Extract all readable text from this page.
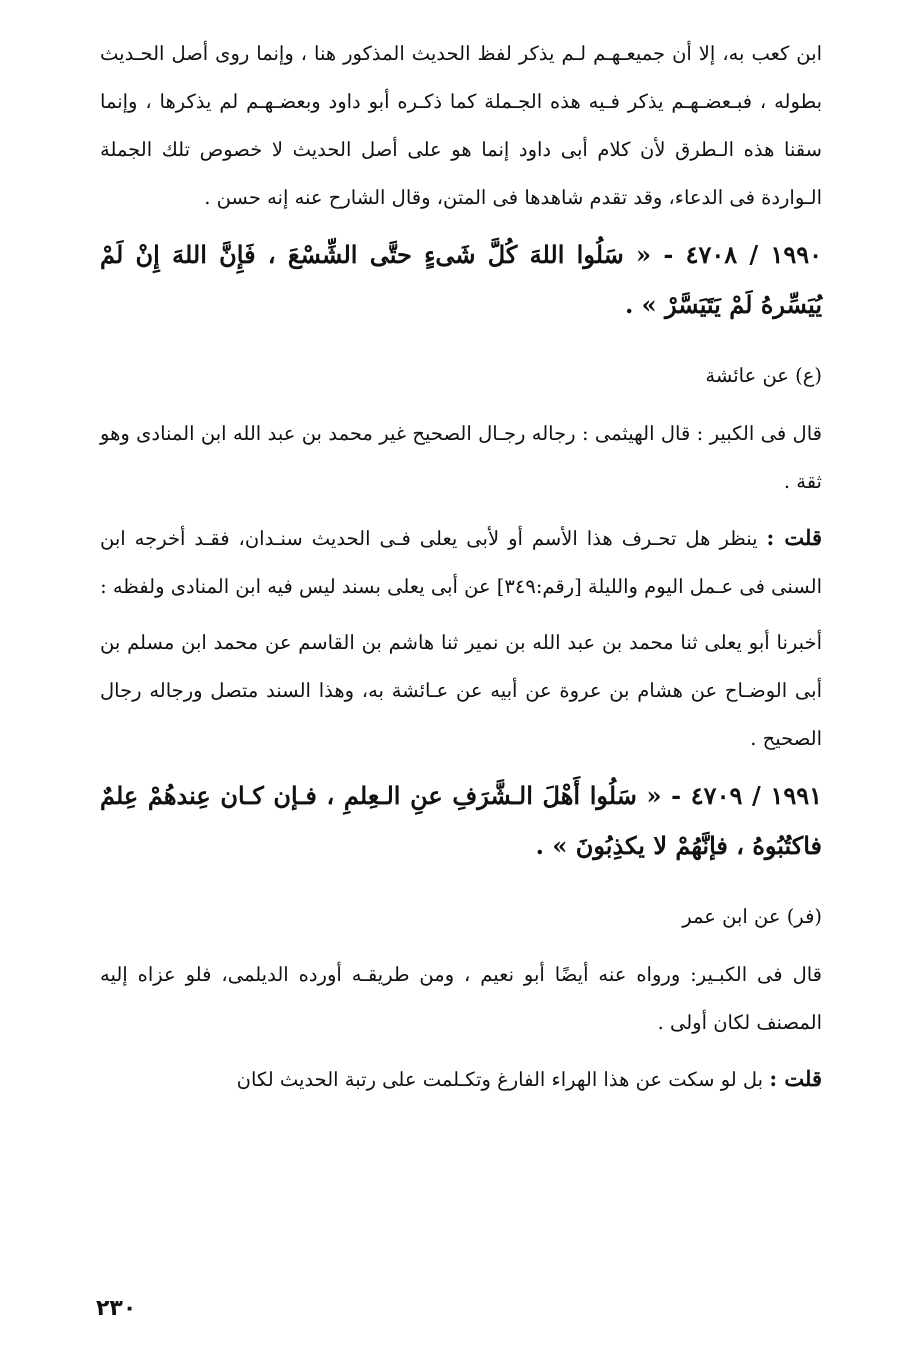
ابن كعب به، إلا أن جميعـهـم لـم يذكر لفظ الحديث المذكور هنا ، وإنما روى أصل الحـديث بطوله ، فبـعضـهـم يذكر فـيه هذه الجـملة كما ذكـره أبو داود وبعضـهـم لم يذكرها ، وإنما سقنا هذه الـطرق لأن كلام أبى داود إنما هو على أصل الحديث لا خصوص تلك الجملة الـواردة فى الدعاء، وقد تقدم شاهدها فى المتن، وقال الشارح عنه إنه حسن .

١٩٩٠ / ٤٧٠٨ - « سَلُوا اللهَ كُلَّ شَىءٍ حتَّى الشِّسْعَ ، فَإِنَّ اللهَ إِنْ لَمْ يُيَسِّرهُ لَمْ يَتَيَسَّرْ » .

(ع) عن عائشة

قال فى الكبير : قال الهيثمى : رجاله رجـال الصحيح غير محمد بن عبد الله ابن المنادى وهو ثقة .

قلت : ينظر هل تحـرف هذا الأسم أو لأبى يعلى فـى الحديث سنـدان، فقـد أخرجه ابن السنى فى عـمل اليوم والليلة [رقم:٣٤٩] عن أبى يعلى بسند ليس فيه ابن المنادى ولفظه :

أخبرنا أبو يعلى ثنا محمد بن عبد الله بن نمير ثنا هاشم بن القاسم عن محمد ابن مسلم بن أبى الوضـاح عن هشام بن عروة عن أبيه عن عـائشة به، وهذا السند متصل ورجاله رجال الصحيح .

١٩٩١ / ٤٧٠٩ - « سَلُوا أَهْلَ الـشَّرَفِ عنِ الـعِلمِ ، فـإن كـان عِندهُمْ عِلمٌ فاكتُبُوهُ ، فإنَّهُمْ لا يكذِبُونَ » .

(فر) عن ابن عمر

قال فى الكبـير: ورواه عنه أيضًا أبو نعيم ، ومن طريقـه أورده الديلمى، فلو عزاه إليه المصنف لكان أولى .

قلت : بل لو سكت عن هذا الهراء الفارغ وتكـلمت على رتبة الحديث لكان

٢٣٠
